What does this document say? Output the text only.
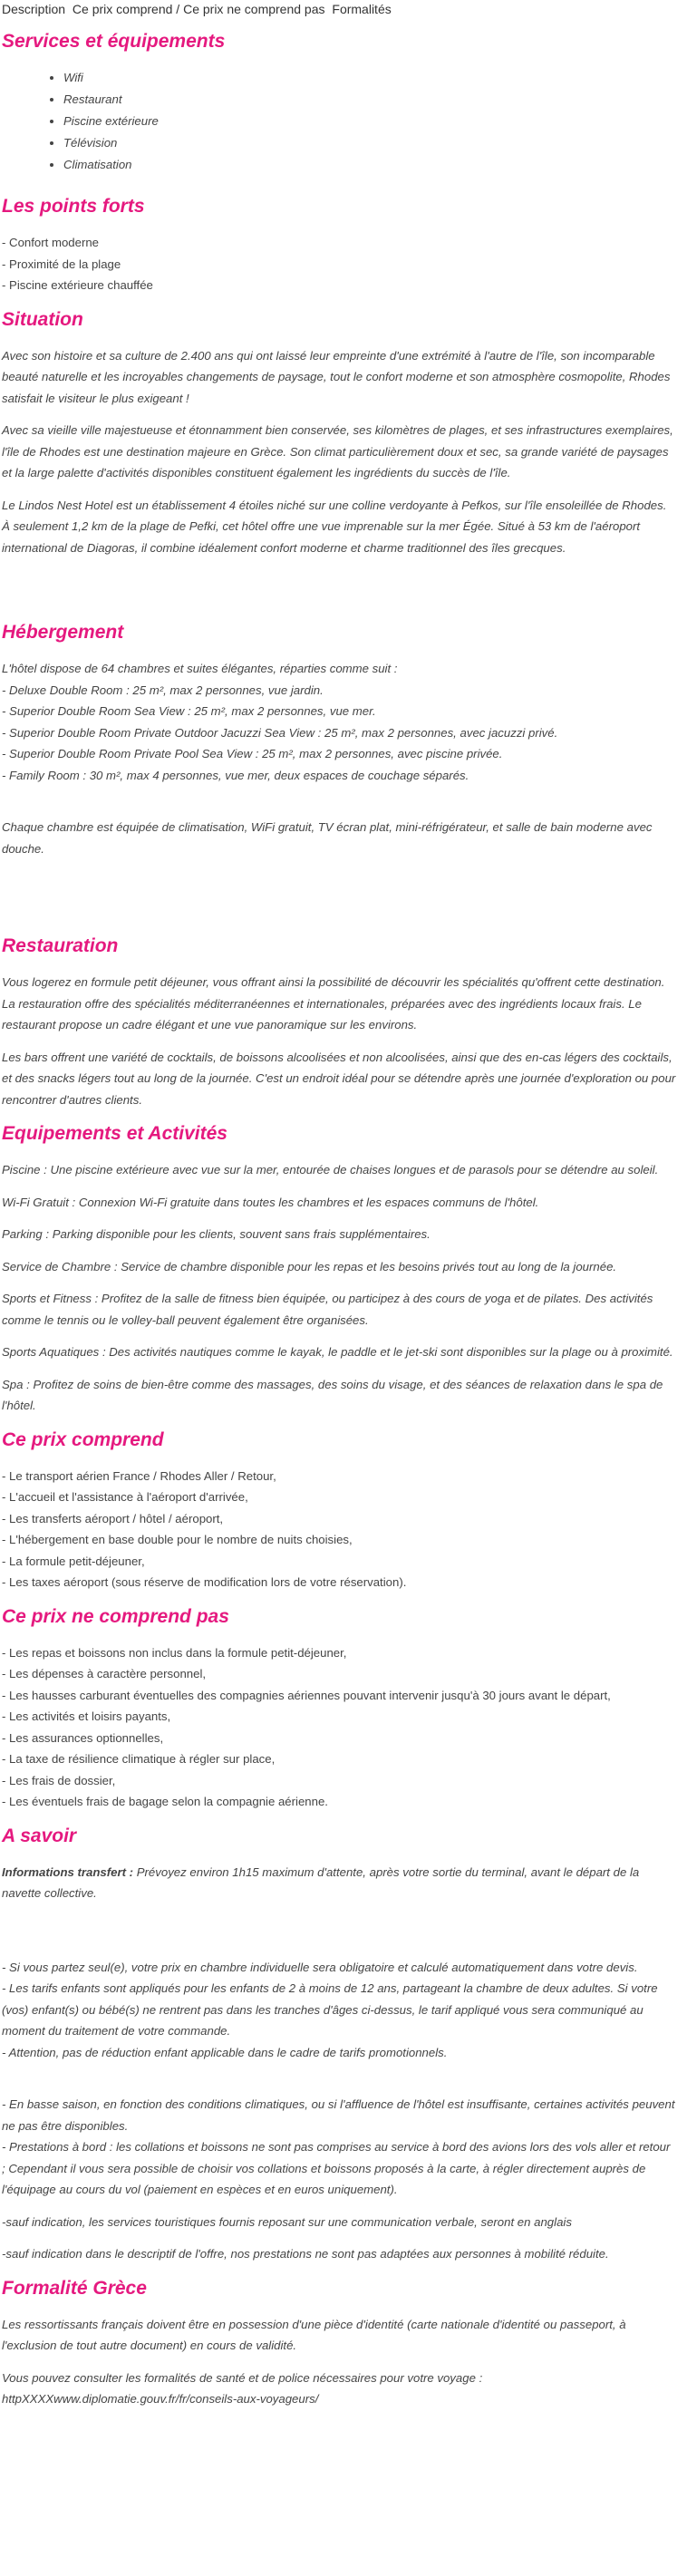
Description Ce prix comprend / Ce prix ne comprend pas Formalités
Services et équipements
• Wifi
• Restaurant
• Piscine extérieure
• Télévision
• Climatisation
Les points forts
- Confort moderne
- Proximité de la plage
- Piscine extérieure chauffée
Situation

Avec son histoire et sa culture de 2.400 ans qui ont laissé leur empreinte d'une extrémité à l'autre de l'île, son incomparable beauté naturelle et les incroyables changements de paysage, tout le confort moderne et son atmosphère cosmopolite, Rhodes satisfait le visiteur le plus exigeant !

Avec sa vieille ville majestueuse et étonnamment bien conservée, ses kilomètres de plages, et ses infrastructures exemplaires, l'île de Rhodes est une destination majeure en Grèce. Son climat particulièrement doux et sec, sa grande variété de paysages et la large palette d'activités disponibles constituent également les ingrédients du succès de l'île.

Le Lindos Nest Hotel est un établissement 4 étoiles niché sur une colline verdoyante à Pefkos, sur l'île ensoleillée de Rhodes. À seulement 1,2 km de la plage de Pefki, cet hôtel offre une vue imprenable sur la mer Égée. Situé à 53 km de l'aéroport international de Diagoras, il combine idéalement confort moderne et charme traditionnel des îles grecques.

Hébergement
L'hôtel dispose de 64 chambres et suites élégantes, réparties comme suit :
- Deluxe Double Room : 25 m², max 2 personnes, vue jardin.
- Superior Double Room Sea View : 25 m², max 2 personnes, vue mer.
- Superior Double Room Private Outdoor Jacuzzi Sea View : 25 m², max 2 personnes, avec jacuzzi privé.
- Superior Double Room Private Pool Sea View : 25 m², max 2 personnes, avec piscine privée.
- Family Room : 30 m², max 4 personnes, vue mer, deux espaces de couchage séparés.

Chaque chambre est équipée de climatisation, WiFi gratuit, TV écran plat, mini-réfrigérateur, et salle de bain moderne avec douche.

Restauration

Vous logerez en formule petit déjeuner, vous offrant ainsi la possibilité de découvrir les spécialités qu'offrent cette destination. La restauration offre des spécialités méditerranéennes et internationales, préparées avec des ingrédients locaux frais. Le restaurant propose un cadre élégant et une vue panoramique sur les environs.

Les bars offrent une variété de cocktails, de boissons alcoolisées et non alcoolisées, ainsi que des en-cas légers des cocktails, et des snacks légers tout au long de la journée. C'est un endroit idéal pour se détendre après une journée d'exploration ou pour rencontrer d'autres clients.

Equipements et Activités

Piscine : Une piscine extérieure avec vue sur la mer, entourée de chaises longues et de parasols pour se détendre au soleil.

Wi-Fi Gratuit : Connexion Wi-Fi gratuite dans toutes les chambres et les espaces communs de l'hôtel.

Parking : Parking disponible pour les clients, souvent sans frais supplémentaires.

Service de Chambre : Service de chambre disponible pour les repas et les besoins privés tout au long de la journée.

Sports et Fitness : Profitez de la salle de fitness bien équipée, ou participez à des cours de yoga et de pilates. Des activités comme le tennis ou le volley-ball peuvent également être organisées.

Sports Aquatiques : Des activités nautiques comme le kayak, le paddle et le jet-ski sont disponibles sur la plage ou à proximité.

Spa : Profitez de soins de bien-être comme des massages, des soins du visage, et des séances de relaxation dans le spa de l'hôtel.

Ce prix comprend
- Le transport aérien France / Rhodes Aller / Retour,
- L'accueil et l'assistance à l'aéroport d'arrivée,
- Les transferts aéroport / hôtel / aéroport,
- L'hébergement en base double pour le nombre de nuits choisies,
- La formule petit-déjeuner,
- Les taxes aéroport (sous réserve de modification lors de votre réservation).
Ce prix ne comprend pas
- Les repas et boissons non inclus dans la formule petit-déjeuner,
- Les dépenses à caractère personnel,
- Les hausses carburant éventuelles des compagnies aériennes pouvant intervenir jusqu'à 30 jours avant le départ,
- Les activités et loisirs payants,
- Les assurances optionnelles,
- La taxe de résilience climatique à régler sur place,
- Les frais de dossier,
- Les éventuels frais de bagage selon la compagnie aérienne.
A savoir

Informations transfert : Prévoyez environ 1h15 maximum d'attente, après votre sortie du terminal, avant le départ de la navette collective.

- Si vous partez seul(e), votre prix en chambre individuelle sera obligatoire et calculé automatiquement dans votre devis.
- Les tarifs enfants sont appliqués pour les enfants de 2 à moins de 12 ans, partageant la chambre de deux adultes. Si votre (vos) enfant(s) ou bébé(s) ne rentrent pas dans les tranches d'âges ci-dessus, le tarif appliqué vous sera communiqué au moment du traitement de votre commande.
- Attention, pas de réduction enfant applicable dans le cadre de tarifs promotionnels.
- En basse saison, en fonction des conditions climatiques, ou si l'affluence de l'hôtel est insuffisante, certaines activités peuvent ne pas être disponibles.
- Prestations à bord : les collations et boissons ne sont pas comprises au service à bord des avions lors des vols aller et retour ; Cependant il vous sera possible de choisir vos collations et boissons proposés à la carte, à régler directement auprès de l'équipage au cours du vol (paiement en espèces et en euros uniquement).

-sauf indication, les services touristiques fournis reposant sur une communication verbale, seront en anglais

-sauf indication dans le descriptif de l'offre, nos prestations ne sont pas adaptées aux personnes à mobilité réduite.

Formalité Grèce

Les ressortissants français doivent être en possession d'une pièce d'identité (carte nationale d'identité ou passeport, à l'exclusion de tout autre document) en cours de validité.

Vous pouvez consulter les formalités de santé et de police nécessaires pour votre voyage :
httpXXXXwww.diplomatie.gouv.fr/fr/conseils-aux-voyageurs/
